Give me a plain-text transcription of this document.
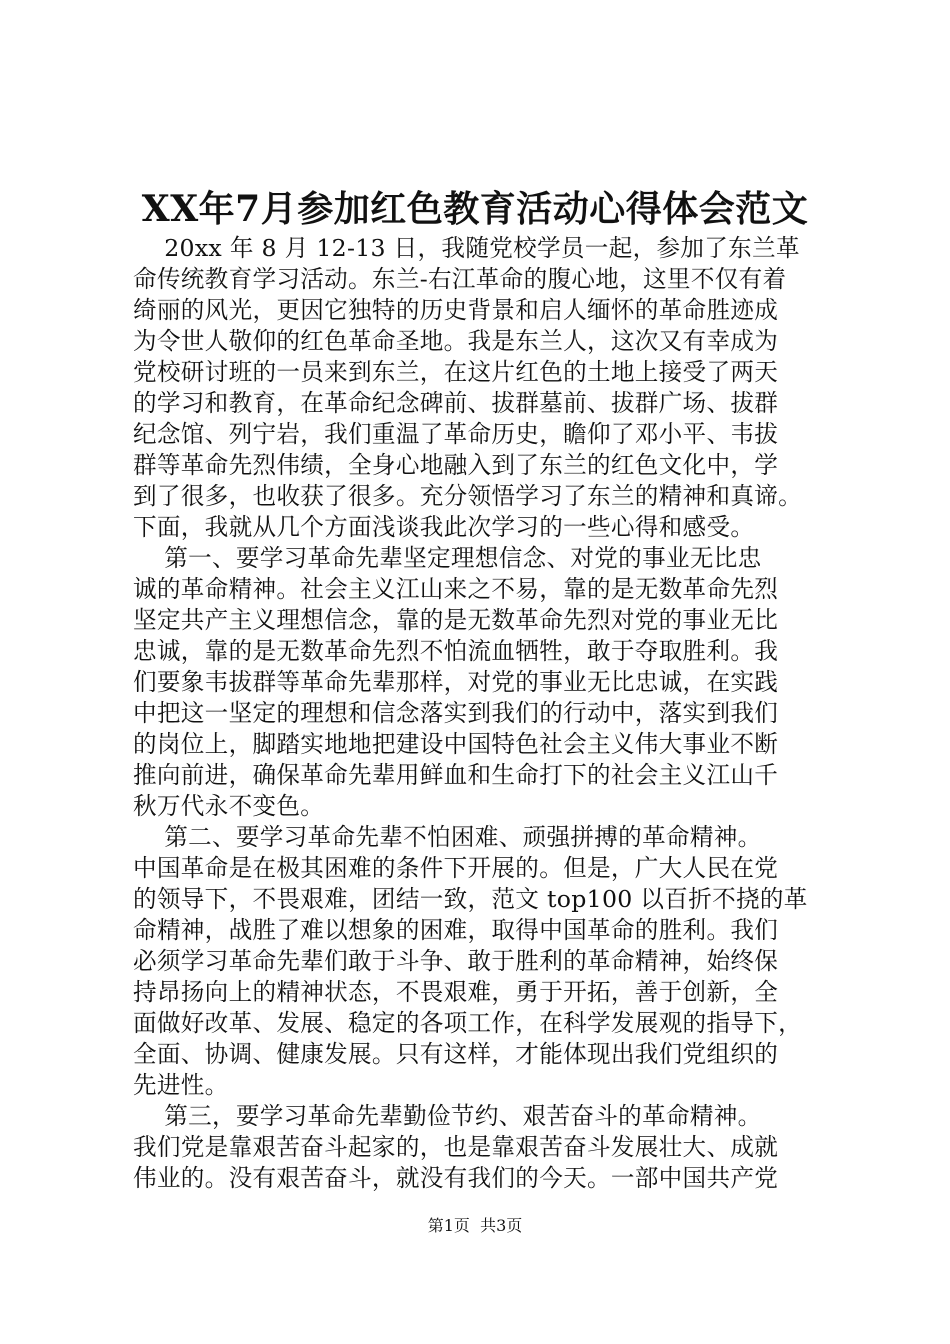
XX年7月参加红色教育活动心得体会范文
20xx 年 8 月 12-13 日，我随党校学员一起，参加了东兰革
命传统教育学习活动。东兰-右江革命的腹心地，这里不仅有着
绮丽的风光，更因它独特的历史背景和启人缅怀的革命胜迹成
为令世人敬仰的红色革命圣地。我是东兰人，这次又有幸成为
党校研讨班的一员来到东兰，在这片红色的土地上接受了两天
的学习和教育，在革命纪念碑前、拔群墓前、拔群广场、拔群
纪念馆、列宁岩，我们重温了革命历史，瞻仰了邓小平、韦拔
群等革命先烈伟绩，全身心地融入到了东兰的红色文化中，学
到了很多，也收获了很多。充分领悟学习了东兰的精神和真谛。
下面，我就从几个方面浅谈我此次学习的一些心得和感受。
第一、要学习革命先辈坚定理想信念、对党的事业无比忠
诚的革命精神。社会主义江山来之不易，靠的是无数革命先烈
坚定共产主义理想信念，靠的是无数革命先烈对党的事业无比
忠诚，靠的是无数革命先烈不怕流血牺牲，敢于夺取胜利。我
们要象韦拔群等革命先辈那样，对党的事业无比忠诚，在实践
中把这一坚定的理想和信念落实到我们的行动中，落实到我们
的岗位上，脚踏实地地把建设中国特色社会主义伟大事业不断
推向前进，确保革命先辈用鲜血和生命打下的社会主义江山千
秋万代永不变色。
第二、要学习革命先辈不怕困难、顽强拼搏的革命精神。
中国革命是在极其困难的条件下开展的。但是，广大人民在党
的领导下，不畏艰难，团结一致，范文 top100 以百折不挠的革
命精神，战胜了难以想象的困难，取得中国革命的胜利。我们
必须学习革命先辈们敢于斗争、敢于胜利的革命精神，始终保
持昂扬向上的精神状态，不畏艰难，勇于开拓，善于创新，全
面做好改革、发展、稳定的各项工作，在科学发展观的指导下，
全面、协调、健康发展。只有这样，才能体现出我们党组织的
先进性。
第三，要学习革命先辈勤俭节约、艰苦奋斗的革命精神。
我们党是靠艰苦奋斗起家的，也是靠艰苦奋斗发展壮大、成就
伟业的。没有艰苦奋斗，就没有我们的今天。一部中国共产党
第1页  共3页
